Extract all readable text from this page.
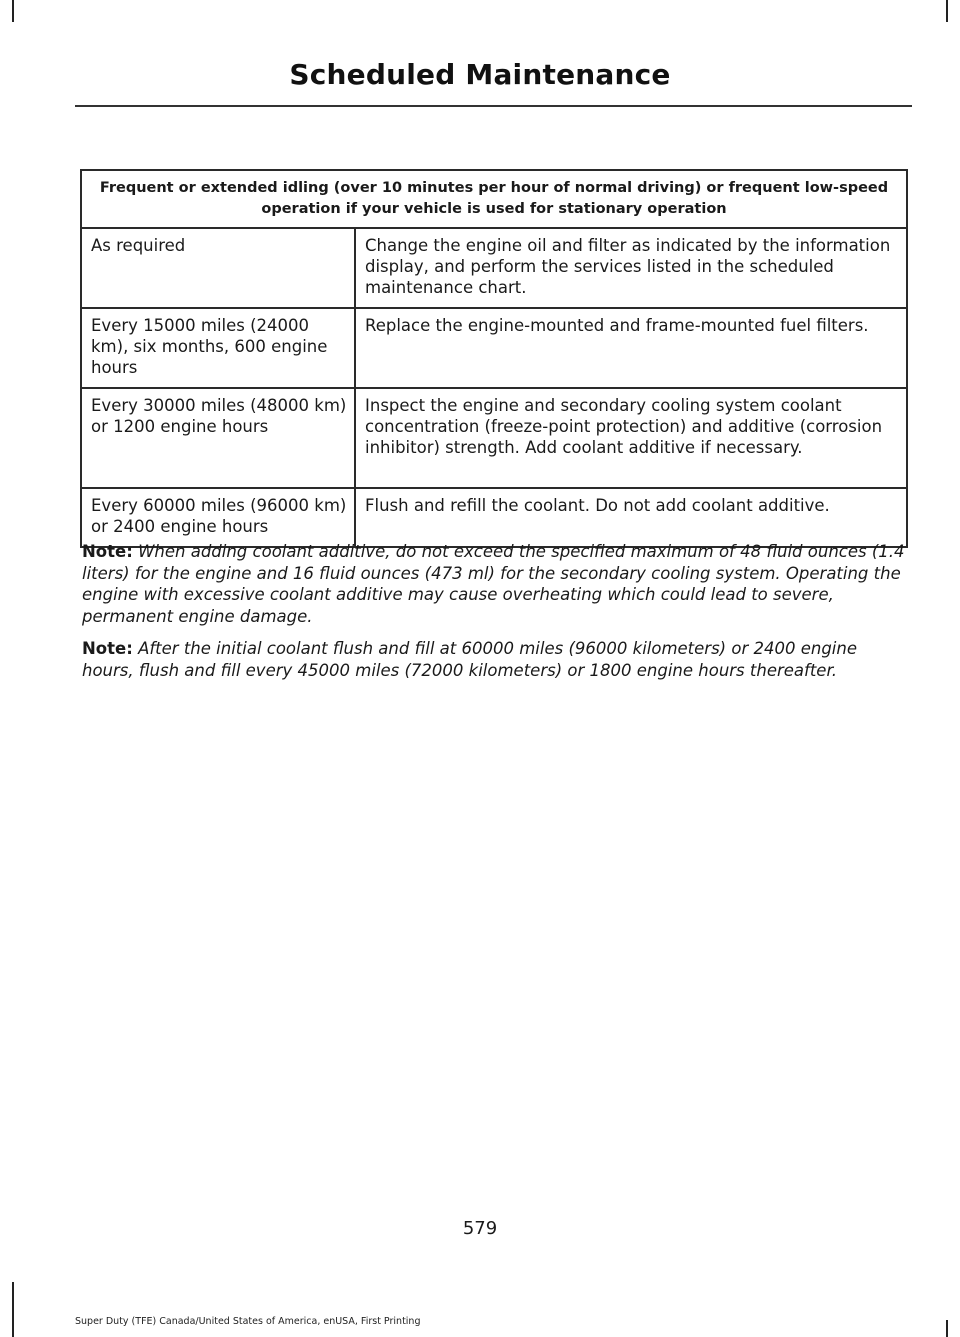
Scheduled Maintenance
Frequent or extended idling (over 10 minutes per hour of normal driving) or frequent low-speed operation if your vehicle is used for stationary operation	
As required	Change the engine oil and filter as indicated by the information display, and perform the services listed in the scheduled maintenance chart.
Every 15000 miles (24000 km), six months, 600 engine hours	Replace the engine-mounted and frame-mounted fuel filters.
Every 30000 miles (48000 km) or 1200 engine hours	Inspect the engine and secondary cooling system coolant concentration (freeze-point protection) and additive (corrosion inhibitor) strength. Add coolant additive if necessary.
Every 60000 miles (96000 km) or 2400 engine hours	Flush and refill the coolant. Do not add coolant additive.

Note: When adding coolant additive, do not exceed the specified maximum of 48 fluid ounces (1.4 liters) for the engine and 16 fluid ounces (473 ml) for the secondary cooling system. Operating the engine with excessive coolant additive may cause overheating which could lead to severe, permanent engine damage.

Note: After the initial coolant flush and fill at 60000 miles (96000 kilometers) or 2400 engine hours, flush and fill every 45000 miles (72000 kilometers) or 1800 engine hours thereafter.

579
Super Duty (TFE) Canada/United States of America, enUSA, First Printing
